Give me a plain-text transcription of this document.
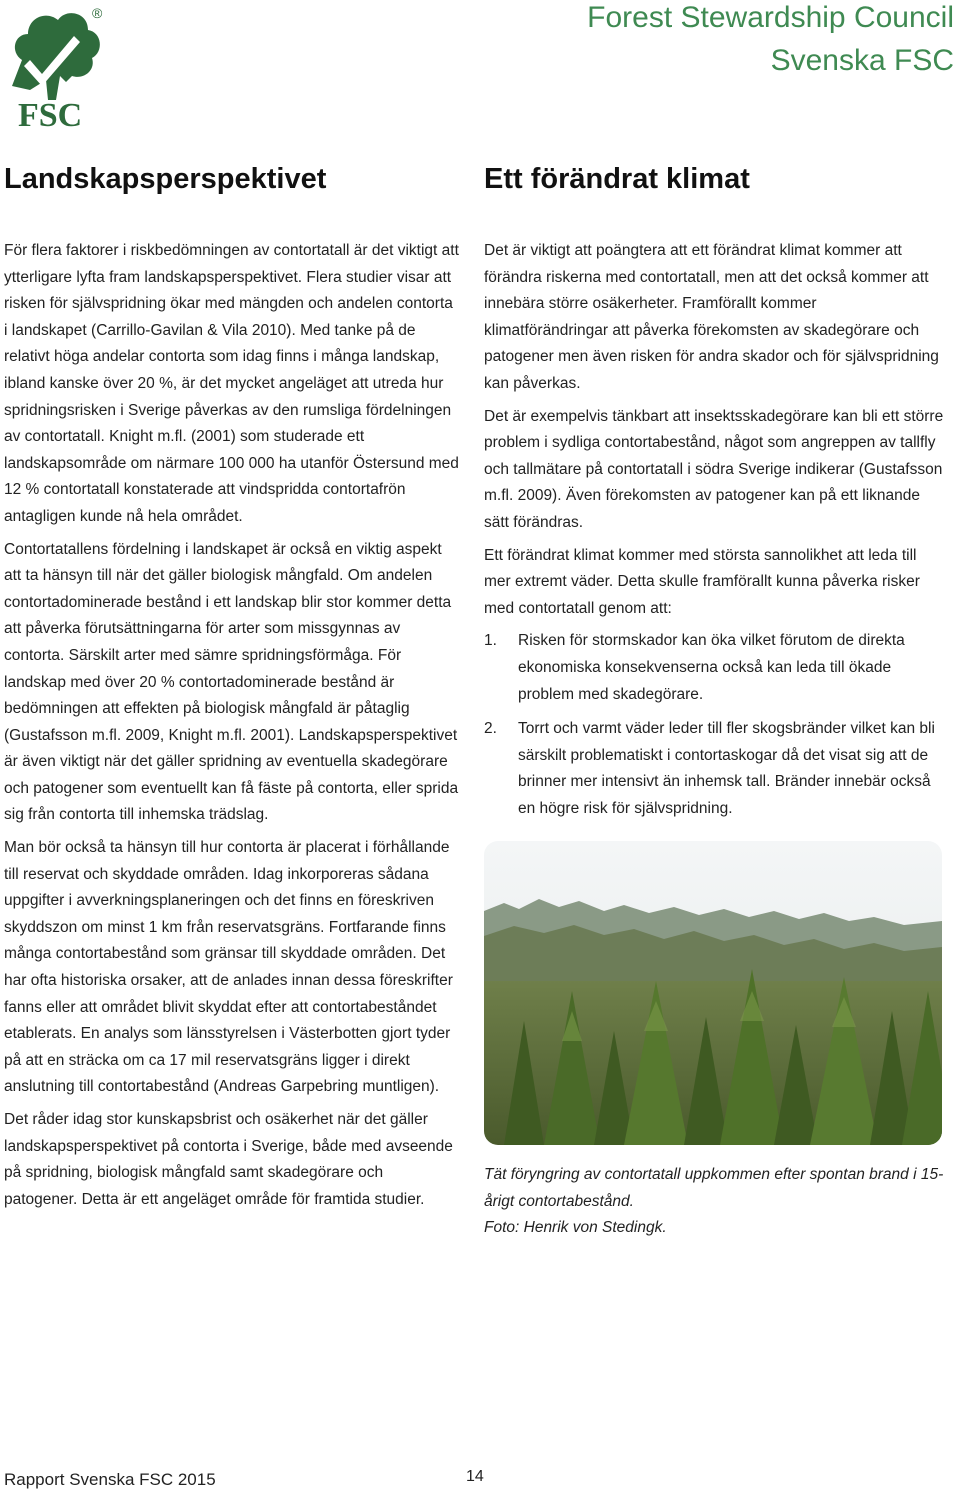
FSC
®	Forest Stewardship Council
Svenska FSC
Landskapsperspektivet	Ett förändrat klimat

För flera faktorer i riskbedömningen av contortatall är det viktigt att ytterligare lyfta fram landskapsperspektivet. Flera studier visar att risken för självspridning ökar med mängden och andelen contorta i landskapet (Carrillo-Gavilan & Vila 2010). Med tanke på de relativt höga andelar contorta som idag finns i många landskap, ibland kanske över 20 %, är det mycket angeläget att utreda hur spridningsrisken i Sverige påverkas av den rumsliga fördelningen av contortatall. Knight m.fl. (2001) som studerade ett landskapsområde om närmare 100 000 ha utanför Östersund med 12 % contortatall konstaterade att vindspridda contortafrön antagligen kunde nå hela området.

Contortatallens fördelning i landskapet är också en viktig aspekt att ta hänsyn till när det gäller biologisk mångfald. Om andelen contortadominerade bestånd i ett landskap blir stor kommer detta att påverka förutsättningarna för arter som missgynnas av contorta. Särskilt arter med sämre spridningsförmåga. För landskap med över 20 % contortadominerade bestånd är bedömningen att effekten på biologisk mångfald är påtaglig (Gustafsson m.fl. 2009, Knight m.fl. 2001). Landskapsperspektivet är även viktigt när det gäller spridning av eventuella skadegörare och patogener som eventuellt kan få fäste på contorta, eller sprida sig från contorta till inhemska trädslag.

Man bör också ta hänsyn till hur contorta är placerat i förhållande till reservat och skyddade områden. Idag inkorporeras sådana uppgifter i avverkningsplaneringen och det finns en föreskriven skyddszon om minst 1 km från reservatsgräns. Fortfarande finns många contortabestånd som gränsar till skyddade områden. Det har ofta historiska orsaker, att de anlades innan dessa föreskrifter fanns eller att området blivit skyddat efter att contortabeståndet etablerats. En analys som länsstyrelsen i Västerbotten gjort tyder på att en sträcka om ca 17 mil reservatsgräns ligger i direkt anslutning till contortabestånd (Andreas Garpebring muntligen).

Det råder idag stor kunskapsbrist och osäkerhet när det gäller landskapsperspektivet på contorta i Sverige, både med avseende på spridning, biologisk mångfald samt skadegörare och patogener. Detta är ett angeläget område för framtida studier.

Det är viktigt att poängtera att ett förändrat klimat kommer att förändra riskerna med contortatall, men att det också kommer att innebära större osäkerheter. Framförallt kommer klimatförändringar att påverka förekomsten av skadegörare och patogener men även risken för andra skador och för självspridning kan påverkas.

Det är exempelvis tänkbart att insektsskadegörare kan bli ett större problem i sydliga contortabestånd, något som angreppen av tallfly och tallmätare på contortatall i södra Sverige indikerar (Gustafsson m.fl. 2009). Även förekomsten av patogener kan på ett liknande sätt förändras.

Ett förändrat klimat kommer med största sannolikhet att leda till mer extremt väder. Detta skulle framförallt kunna påverka risker med contortatall genom att:

1.	Risken för stormskador kan öka vilket förutom de direkta ekonomiska konsekvenserna också kan leda till ökade problem med skadegörare.
2.	Torrt och varmt väder leder till fler skogsbränder vilket kan bli särskilt problematiskt i contortaskogar då det visat sig att de brinner mer intensivt än inhemsk tall. Bränder innebär också en högre risk för självspridning.
Tät föryngring av contortatall uppkommen efter spontan brand i 15-årigt contortabestånd.
Foto: Henrik von Stedingk.
Rapport Svenska FSC 2015	14
